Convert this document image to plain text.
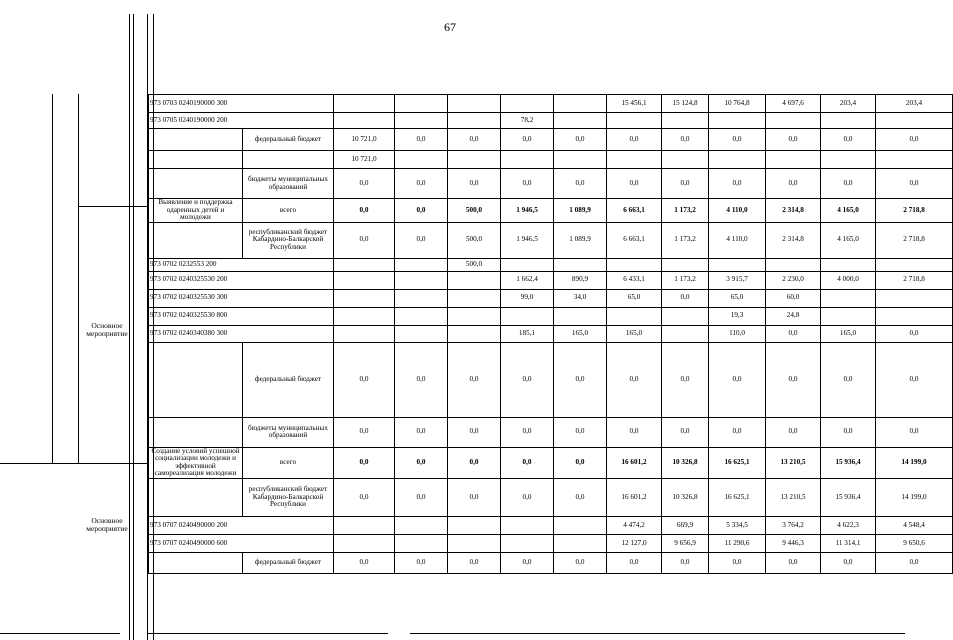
67
Основное мероприятие
Основное мероприятие
973 0703 0240190000 300							15 456,1	15 124,8	10 764,8	4 697,6	203,4	203,4
973 0705 0240190000 200					78,2							
	федеральный бюджет	10 721,0	0,0	0,0	0,0	0,0	0,0	0,0	0,0	0,0	0,0	0,0
		10 721,0										
	бюджеты муниципальных образований	0,0	0,0	0,0	0,0	0,0	0,0	0,0	0,0	0,0	0,0	0,0
Выявление и поддержка одаренных детей и молодежи	всего	0,0	0,0	500,0	1 946,5	1 089,9	6 663,1	1 173,2	4 110,0	2 314,8	4 165,0	2 718,8
	республиканский бюджет Кабардино-Балкарской Республики	0,0	0,0	500,0	1 946,5	1 089,9	6 663,1	1 173,2	4 110,0	2 314,8	4 165,0	2 718,8
973 0702 0232553 200				500,0								
973 0702 0240325530 200					1 662,4	890,9	6 433,1	1 173,2	3 915,7	2 230,0	4 000,0	2 718,8
973 0702 0240325530 300					99,0	34,0	65,0	0,0	65,0	60,0		
973 0702 0240325530 800									19,3	24,8		
973 0702 0240340380 300					185,1	165,0	165,0		110,0	0,0	165,0	0,0
	федеральный бюджет	0,0	0,0	0,0	0,0	0,0	0,0	0,0	0,0	0,0	0,0	0,0
	бюджеты муниципальных образований	0,0	0,0	0,0	0,0	0,0	0,0	0,0	0,0	0,0	0,0	0,0
Создание условий успешной социализации молодежи и эффективной самореализация молодежи	всего	0,0	0,0	0,0	0,0	0,0	16 601,2	10 326,8	16 625,1	13 210,5	15 936,4	14 199,0
	республиканский бюджет Кабардино-Балкарской Республики	0,0	0,0	0,0	0,0	0,0	16 601,2	10 326,8	16 625,1	13 210,5	15 936,4	14 199,0
973 0707 0240490000 200							4 474,2	669,9	5 334,5	3 764,2	4 622,3	4 548,4
973 0707 0240490000 600							12 127,0	9 656,9	11 290,6	9 446,3	11 314,1	9 650,6
	федеральный бюджет	0,0	0,0	0,0	0,0	0,0	0,0	0,0	0,0	0,0	0,0	0,0
